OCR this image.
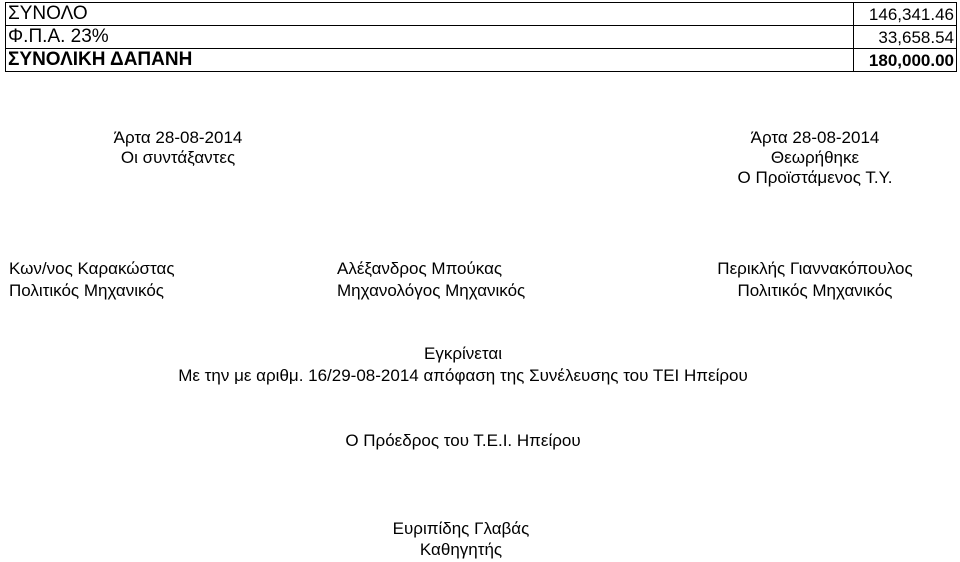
ΣΥΝΟΛΟ	146,341.46
Φ.Π.Α. 23%	33,658.54
ΣΥΝΟΛΙΚΗ ΔΑΠΑΝΗ	180,000.00
Άρτα 28-08-2014
Οι συντάξαντες
Άρτα 28-08-2014
Θεωρήθηκε
Ο Προϊστάμενος Τ.Υ.
Κων/νος Καρακώστας
Πολιτικός Μηχανικός
Αλέξανδρος Μπούκας
Μηχανολόγος Μηχανικός
Περικλής Γιαννακόπουλος
Πολιτικός Μηχανικός
Εγκρίνεται
Με την με αριθμ. 16/29-08-2014 απόφαση της Συνέλευσης του ΤΕΙ Ηπείρου
Ο Πρόεδρος του Τ.Ε.Ι. Ηπείρου
Ευριπίδης Γλαβάς
Καθηγητής
